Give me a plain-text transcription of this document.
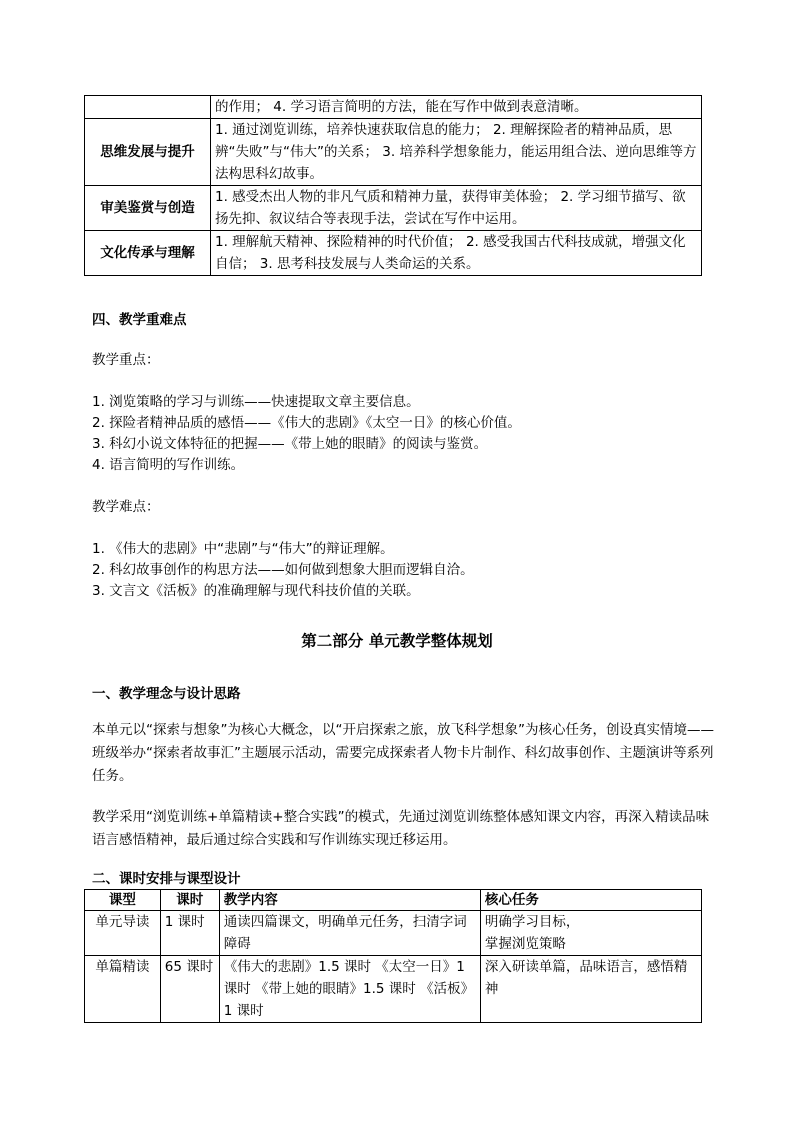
	的作用； 4. 学习语言简明的方法，能在写作中做到表意清晰。
思维发展与提升	1. 通过浏览训练，培养快速获取信息的能力； 2. 理解探险者的精神品质，思辨“失败”与“伟大”的关系； 3. 培养科学想象能力，能运用组合法、逆向思维等方法构思科幻故事。
审美鉴赏与创造	1. 感受杰出人物的非凡气质和精神力量，获得审美体验； 2. 学习细节描写、欲扬先抑、叙议结合等表现手法，尝试在写作中运用。
文化传承与理解	1. 理解航天精神、探险精神的时代价值； 2. 感受我国古代科技成就，增强文化自信； 3. 思考科技发展与人类命运的关系。
四、教学重难点
教学重点：
1. 浏览策略的学习与训练——快速提取文章主要信息。
2. 探险者精神品质的感悟——《伟大的悲剧》《太空一日》的核心价值。
3. 科幻小说文体特征的把握——《带上她的眼睛》的阅读与鉴赏。
4. 语言简明的写作训练。
教学难点：
1. 《伟大的悲剧》中“悲剧”与“伟大”的辩证理解。
2. 科幻故事创作的构思方法——如何做到想象大胆而逻辑自洽。
3. 文言文《活板》的准确理解与现代科技价值的关联。
第二部分 单元教学整体规划
一、教学理念与设计思路
本单元以“探索与想象”为核心大概念，以“开启探索之旅，放飞科学想象”为核心任务，创设真实情境——班级举办“探索者故事汇”主题展示活动，需要完成探索者人物卡片制作、科幻故事创作、主题演讲等系列任务。
教学采用“浏览训练+单篇精读+整合实践”的模式，先通过浏览训练整体感知课文内容，再深入精读品味语言感悟精神，最后通过综合实践和写作训练实现迁移运用。
二、课时安排与课型设计
课型	课时	教学内容	核心任务
单元导读	1 课时	通读四篇课文，明确单元任务，扫清字词障碍	明确学习目标，
掌握浏览策略
单篇精读	65 课时	《伟大的悲剧》1.5 课时 《太空一日》1 课时 《带上她的眼睛》1.5 课时 《活板》1 课时	深入研读单篇，品味语言，感悟精神
